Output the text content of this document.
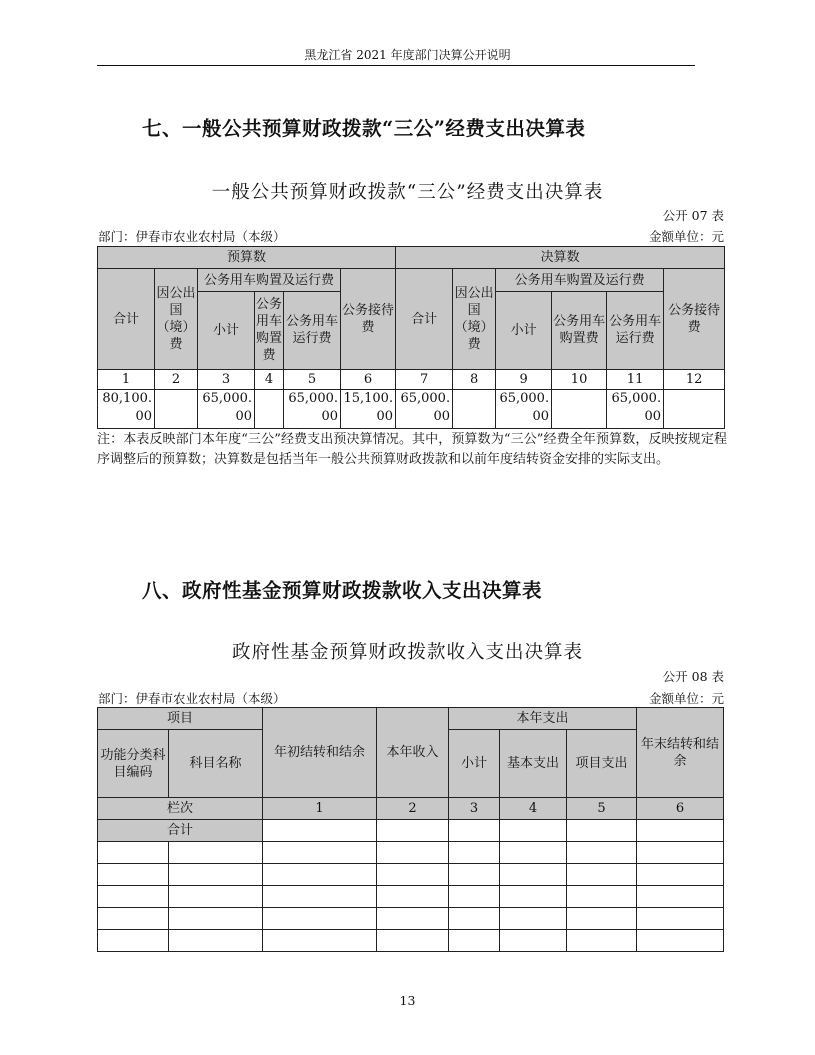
黑龙江省 2021 年度部门决算公开说明
七、一般公共预算财政拨款“三公”经费支出决算表
一般公共预算财政拨款“三公”经费支出决算表
公开 07 表
部门：伊春市农业农村局（本级）	金额单位：元
预算数						决算数					
合计	因公出国（境）费	公务用车购置及运行费			公务接待费	合计	因公出国（境）费	公务用车购置及运行费			公务接待费
		小计	公务用车购置费	公务用车运行费				小计	公务用车购置费	公务用车运行费	
1	2	3	4	5	6	7	8	9	10	11	12
80,100.00		65,000.00		65,000.00	15,100.00	65,000.00		65,000.00		65,000.00	
注：本表反映部门本年度“三公”经费支出预决算情况。其中，预算数为“三公”经费全年预算数，反映按规定程序调整后的预算数；决算数是包括当年一般公共预算财政拨款和以前年度结转资金安排的实际支出。
八、政府性基金预算财政拨款收入支出决算表
政府性基金预算财政拨款收入支出决算表
公开 08 表
部门：伊春市农业农村局（本级）	金额单位：元
项目		年初结转和结余	本年收入	本年支出			年末结转和结余
功能分类科目编码	科目名称			小计	基本支出	项目支出	
栏次		1	2	3	4	5	6
合计							

13
